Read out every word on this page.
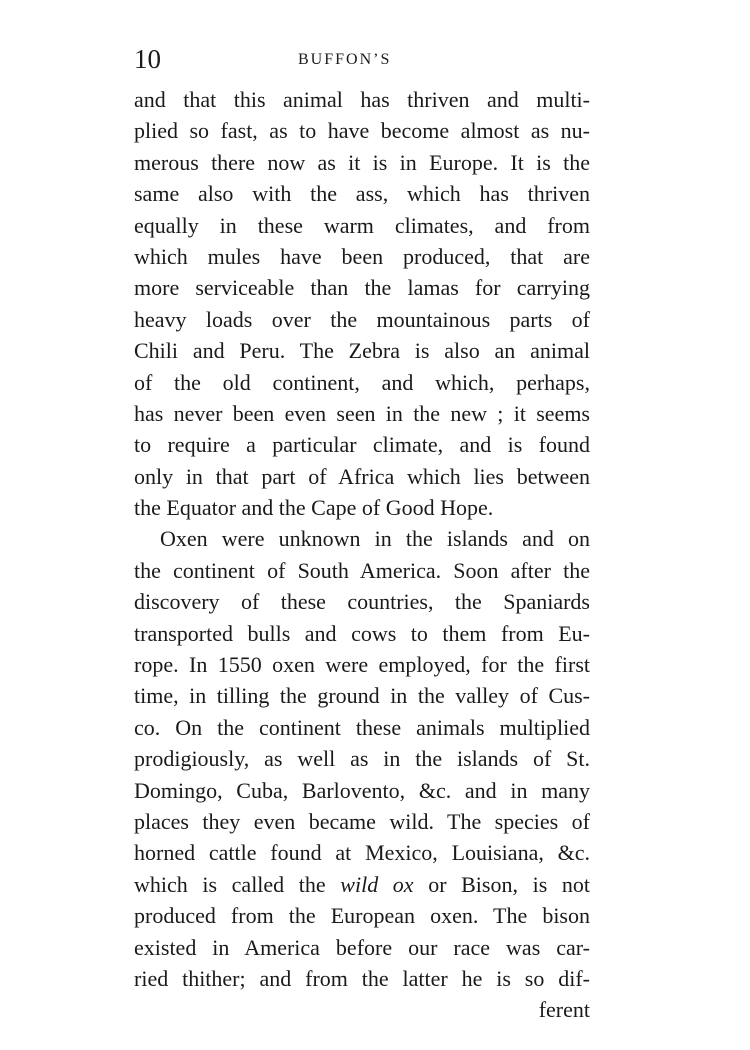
10	BUFFON’S
and that this animal has thriven and multi-
plied so fast, as to have become almost as nu-
merous there now as it is in Europe. It is the
same also with the ass, which has thriven
equally in these warm climates, and from
which mules have been produced, that are
more serviceable than the lamas for carrying
heavy loads over the mountainous parts of
Chili and Peru. The Zebra is also an animal
of the old continent, and which, perhaps,
has never been even seen in the new ; it seems
to require a particular climate, and is found
only in that part of Africa which lies between
the Equator and the Cape of Good Hope.
Oxen were unknown in the islands and on
the continent of South America. Soon after the
discovery of these countries, the Spaniards
transported bulls and cows to them from Eu-
rope. In 1550 oxen were employed, for the first
time, in tilling the ground in the valley of Cus-
co. On the continent these animals multiplied
prodigiously, as well as in the islands of St.
Domingo, Cuba, Barlovento, &c. and in many
places they even became wild. The species of
horned cattle found at Mexico, Louisiana, &c.
which is called the wild ox or Bison, is not
produced from the European oxen. The bison
existed in America before our race was car-
ried thither; and from the latter he is so dif-
ferent
